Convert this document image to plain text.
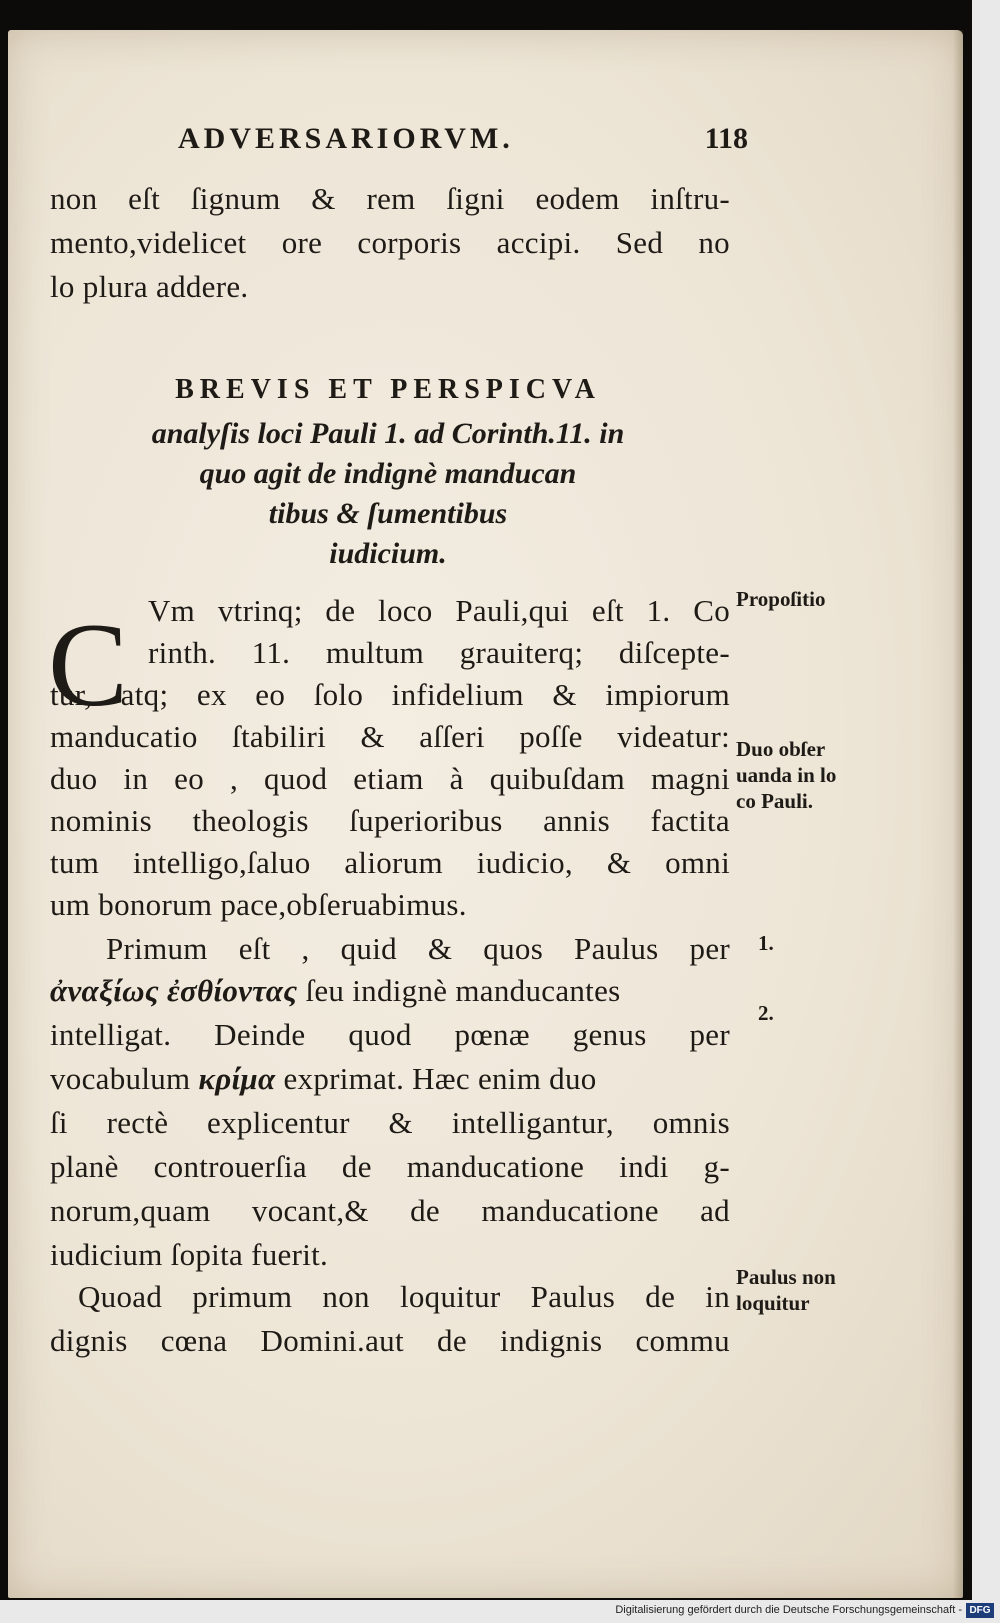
ADVERSARIORVM.	118
non eſt ſignum & rem ſigni eodem inſtru-
mento,videlicet ore corporis accipi. Sed no
lo plura addere.
BREVIS ET PERSPICVA
analyſis loci Pauli 1. ad Corinth.11. in
quo agit de indignè manducan
tibus & ſumentibus
iudicium.
C Vm vtrinq; de loco Pauli,qui eſt 1. Co
rinth. 11. multum grauiterq; diſcepte-
tur, atq; ex eo ſolo infidelium & impiorum
manducatio ſtabiliri & aſſeri poſſe videatur:
duo in eo , quod etiam à quibuſdam magni
nominis theologis ſuperioribus annis factita
tum intelligo,ſaluo aliorum iudicio, & omni
um bonorum pace,obſeruabimus.
Primum eſt , quid & quos Paulus per
ἀναξίως ἐσθίοντας ſeu indignè manducantes
intelligat. Deinde quod pœnæ genus per
vocabulum κρίμα exprimat. Hæc enim duo
ſi rectè explicentur & intelligantur, omnis
planè controuerſia de manducatione indi g-
norum,quam vocant,& de manducatione ad
iudicium ſopita fuerit.
Quoad primum non loquitur Paulus de in
dignis cœna Domini.aut de indignis commu
Propoſitio
Duo obſer
uanda in lo
co Pauli.
1.
2.
Paulus non
loquitur
Digitalisierung gefördert durch die Deutsche Forschungsgemeinschaft - DFG
